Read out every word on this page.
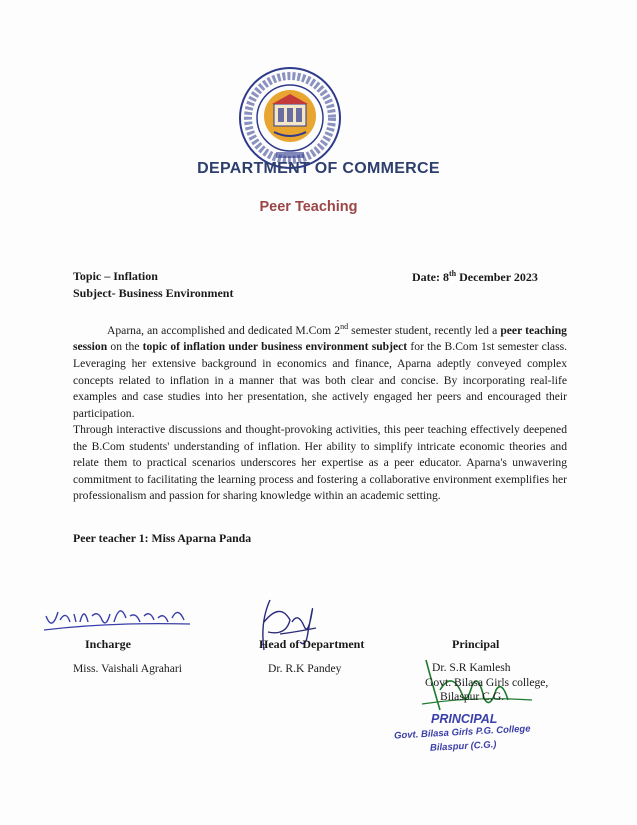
DEPARTMENT OF COMMERCE
Peer Teaching
Topic – Inflation
Subject- Business Environment
Date: 8th December 2023
Aparna, an accomplished and dedicated M.Com 2nd semester student, recently led a peer teaching session on the topic of inflation under business environment subject for the B.Com 1st semester class. Leveraging her extensive background in economics and finance, Aparna adeptly conveyed complex concepts related to inflation in a manner that was both clear and concise. By incorporating real-life examples and case studies into her presentation, she actively engaged her peers and encouraged their participation.
Through interactive discussions and thought-provoking activities, this peer teaching effectively deepened the B.Com students' understanding of inflation. Her ability to simplify intricate economic theories and relate them to practical scenarios underscores her expertise as a peer educator. Aparna's unwavering commitment to facilitating the learning process and fostering a collaborative environment exemplifies her professionalism and passion for sharing knowledge within an academic setting.
Peer teacher 1: Miss Aparna Panda
Incharge
Miss. Vaishali Agrahari
Head of Department
Dr. R.K Pandey
Principal
Dr. S.R Kamlesh
Govt. Bilasa Girls college,
Bilaspur C.G.
PRINCIPAL
Govt. Bilasa Girls P.G. College
Bilaspur (C.G.)
